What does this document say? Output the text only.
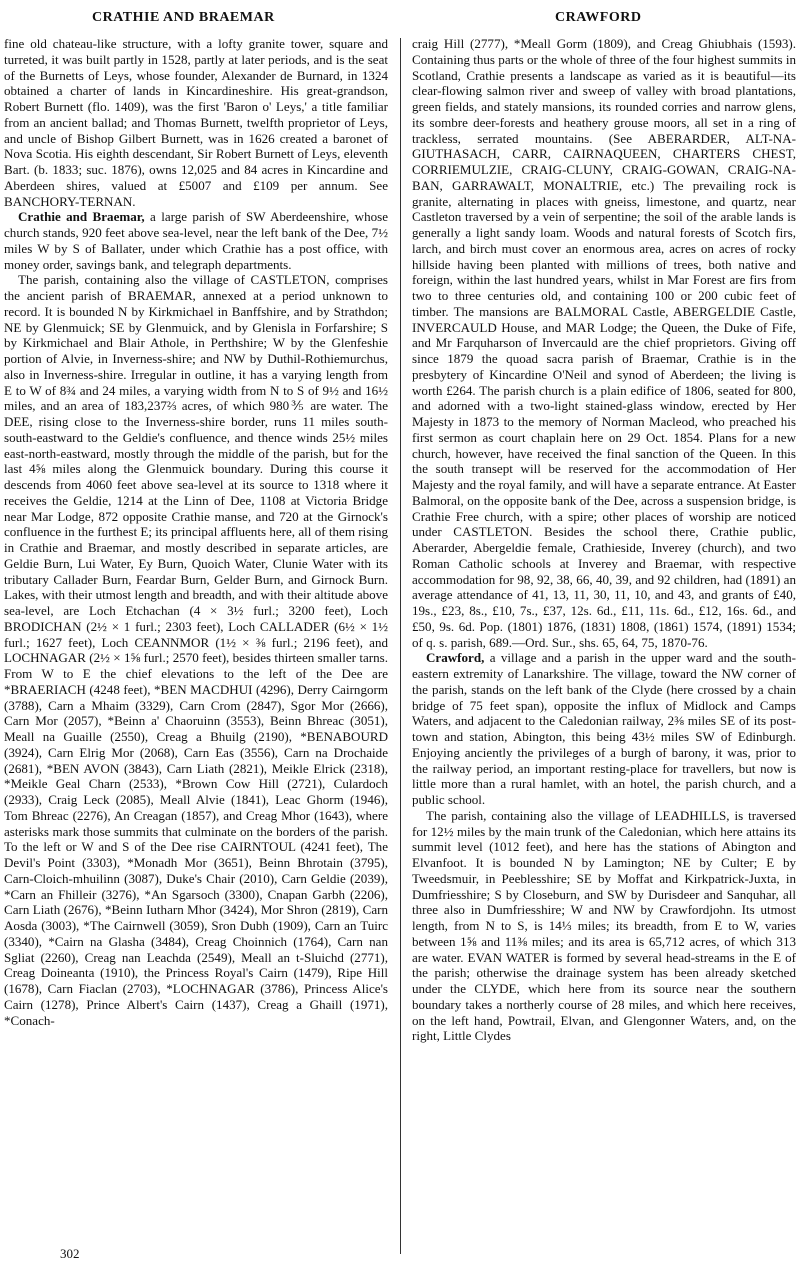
CRATHIE AND BRAEMAR	CRAWFORD

fine old chateau-like structure, with a lofty granite tower, square and turreted, it was built partly in 1528, partly at later periods, and is the seat of the Burnetts of Leys, whose founder, Alexander de Burnard, in 1324 obtained a charter of lands in Kincardineshire. His great-grandson, Robert Burnett (flo. 1409), was the first 'Baron o' Leys,' a title familiar from an ancient ballad; and Thomas Burnett, twelfth proprietor of Leys, and uncle of Bishop Gilbert Burnett, was in 1626 created a baronet of Nova Scotia. His eighth descendant, Sir Robert Burnett of Leys, eleventh Bart. (b. 1833; suc. 1876), owns 12,025 and 84 acres in Kincardine and Aberdeen shires, valued at £5007 and £109 per annum. See BANCHORY-TERNAN.

Crathie and Braemar, a large parish of SW Aberdeenshire, whose church stands, 920 feet above sea-level, near the left bank of the Dee, 7½ miles W by S of Ballater, under which Crathie has a post office, with money order, savings bank, and telegraph departments.

The parish, containing also the village of CASTLETON, comprises the ancient parish of BRAEMAR, annexed at a period unknown to record. It is bounded N by Kirkmichael in Banffshire, and by Strathdon; NE by Glenmuick; SE by Glenmuick, and by Glenisla in Forfarshire; S by Kirkmichael and Blair Athole, in Perthshire; W by the Glenfeshie portion of Alvie, in Inverness-shire; and NW by Duthil-Rothiemurchus, also in Inverness-shire. Irregular in outline, it has a varying length from E to W of 8¾ and 24 miles, a varying width from N to S of 9½ and 16½ miles, and an area of 183,237⅔ acres, of which 980⅗ are water. The DEE, rising close to the Inverness-shire border, runs 11 miles south-south-eastward to the Geldie's confluence, and thence winds 25½ miles east-north-eastward, mostly through the middle of the parish, but for the last 4⅝ miles along the Glenmuick boundary. During this course it descends from 4060 feet above sea-level at its source to 1318 where it receives the Geldie, 1214 at the Linn of Dee, 1108 at Victoria Bridge near Mar Lodge, 872 opposite Crathie manse, and 720 at the Girnock's confluence in the furthest E; its principal affluents here, all of them rising in Crathie and Braemar, and mostly described in separate articles, are Geldie Burn, Lui Water, Ey Burn, Quoich Water, Clunie Water with its tributary Callader Burn, Feardar Burn, Gelder Burn, and Girnock Burn. Lakes, with their utmost length and breadth, and with their altitude above sea-level, are Loch Etchachan (4 × 3½ furl.; 3200 feet), Loch BRODICHAN (2½ × 1 furl.; 2303 feet), Loch CALLADER (6½ × 1½ furl.; 1627 feet), Loch CEANNMOR (1½ × ⅜ furl.; 2196 feet), and LOCHNAGAR (2½ × 1⅝ furl.; 2570 feet), besides thirteen smaller tarns. From W to E the chief elevations to the left of the Dee are *BRAERIACH (4248 feet), *BEN MACDHUI (4296), Derry Cairngorm (3788), Carn a Mhaim (3329), Carn Crom (2847), Sgor Mor (2666), Carn Mor (2057), *Beinn a' Chaoruinn (3553), Beinn Bhreac (3051), Meall na Guaille (2550), Creag a Bhuilg (2190), *BENABOURD (3924), Carn Elrig Mor (2068), Carn Eas (3556), Carn na Drochaide (2681), *BEN AVON (3843), Carn Liath (2821), Meikle Elrick (2318), *Meikle Geal Charn (2533), *Brown Cow Hill (2721), Culardoch (2933), Craig Leck (2085), Meall Alvie (1841), Leac Ghorm (1946), Tom Bhreac (2276), An Creagan (1857), and Creag Mhor (1643), where asterisks mark those summits that culminate on the borders of the parish. To the left or W and S of the Dee rise CAIRNTOUL (4241 feet), The Devil's Point (3303), *Monadh Mor (3651), Beinn Bhrotain (3795), Carn-Cloich-mhuilinn (3087), Duke's Chair (2010), Carn Geldie (2039), *Carn an Fhilleir (3276), *An Sgarsoch (3300), Cnapan Garbh (2206), Carn Liath (2676), *Beinn Iutharn Mhor (3424), Mor Shron (2819), Carn Aosda (3003), *The Cairnwell (3059), Sron Dubh (1909), Carn an Tuirc (3340), *Cairn na Glasha (3484), Creag Choinnich (1764), Carn nan Sgliat (2260), Creag nan Leachda (2549), Meall an t-Sluichd (2771), Creag Doineanta (1910), the Princess Royal's Cairn (1479), Ripe Hill (1678), Carn Fiaclan (2703), *LOCHNAGAR (3786), Princess Alice's Cairn (1278), Prince Albert's Cairn (1437), Creag a Ghaill (1971), *Conach-

craig Hill (2777), *Meall Gorm (1809), and Creag Ghiubhais (1593). Containing thus parts or the whole of three of the four highest summits in Scotland, Crathie presents a landscape as varied as it is beautiful—its clear-flowing salmon river and sweep of valley with broad plantations, green fields, and stately mansions, its rounded corries and narrow glens, its sombre deer-forests and heathery grouse moors, all set in a ring of trackless, serrated mountains. (See ABERARDER, ALT-NA-GIUTHASACH, CARR, CAIRNAQUEEN, CHARTERS CHEST, CORRIEMULZIE, CRAIG-CLUNY, CRAIG-GOWAN, CRAIG-NA-BAN, GARRAWALT, MONALTRIE, etc.) The prevailing rock is granite, alternating in places with gneiss, limestone, and quartz, near Castleton traversed by a vein of serpentine; the soil of the arable lands is generally a light sandy loam. Woods and natural forests of Scotch firs, larch, and birch must cover an enormous area, acres on acres of rocky hillside having been planted with millions of trees, both native and foreign, within the last hundred years, whilst in Mar Forest are firs from two to three centuries old, and containing 100 or 200 cubic feet of timber. The mansions are BALMORAL Castle, ABERGELDIE Castle, INVERCAULD House, and MAR Lodge; the Queen, the Duke of Fife, and Mr Farquharson of Invercauld are the chief proprietors. Giving off since 1879 the quoad sacra parish of Braemar, Crathie is in the presbytery of Kincardine O'Neil and synod of Aberdeen; the living is worth £264. The parish church is a plain edifice of 1806, seated for 800, and adorned with a two-light stained-glass window, erected by Her Majesty in 1873 to the memory of Norman Macleod, who preached his first sermon as court chaplain here on 29 Oct. 1854. Plans for a new church, however, have received the final sanction of the Queen. In this the south transept will be reserved for the accommodation of Her Majesty and the royal family, and will have a separate entrance. At Easter Balmoral, on the opposite bank of the Dee, across a suspension bridge, is Crathie Free church, with a spire; other places of worship are noticed under CASTLETON. Besides the school there, Crathie public, Aberarder, Abergeldie female, Crathieside, Inverey (church), and two Roman Catholic schools at Inverey and Braemar, with respective accommodation for 98, 92, 38, 66, 40, 39, and 92 children, had (1891) an average attendance of 41, 13, 11, 30, 11, 10, and 43, and grants of £40, 19s., £23, 8s., £10, 7s., £37, 12s. 6d., £11, 11s. 6d., £12, 16s. 6d., and £50, 9s. 6d. Pop. (1801) 1876, (1831) 1808, (1861) 1574, (1891) 1534; of q. s. parish, 689.—Ord. Sur., shs. 65, 64, 75, 1870-76.

Crawford, a village and a parish in the upper ward and the south-eastern extremity of Lanarkshire. The village, toward the NW corner of the parish, stands on the left bank of the Clyde (here crossed by a chain bridge of 75 feet span), opposite the influx of Midlock and Camps Waters, and adjacent to the Caledonian railway, 2⅜ miles SE of its post-town and station, Abington, this being 43½ miles SW of Edinburgh. Enjoying anciently the privileges of a burgh of barony, it was, prior to the railway period, an important resting-place for travellers, but now is little more than a rural hamlet, with an hotel, the parish church, and a public school.

The parish, containing also the village of LEADHILLS, is traversed for 12½ miles by the main trunk of the Caledonian, which here attains its summit level (1012 feet), and here has the stations of Abington and Elvanfoot. It is bounded N by Lamington; NE by Culter; E by Tweedsmuir, in Peeblesshire; SE by Moffat and Kirkpatrick-Juxta, in Dumfriesshire; S by Closeburn, and SW by Durisdeer and Sanquhar, all three also in Dumfriesshire; W and NW by Crawfordjohn. Its utmost length, from N to S, is 14⅓ miles; its breadth, from E to W, varies between 1⅝ and 11⅜ miles; and its area is 65,712 acres, of which 313 are water. EVAN WATER is formed by several head-streams in the E of the parish; otherwise the drainage system has been already sketched under the CLYDE, which here from its source near the southern boundary takes a northerly course of 28 miles, and which here receives, on the left hand, Powtrail, Elvan, and Glengonner Waters, and, on the right, Little Clydes

302
